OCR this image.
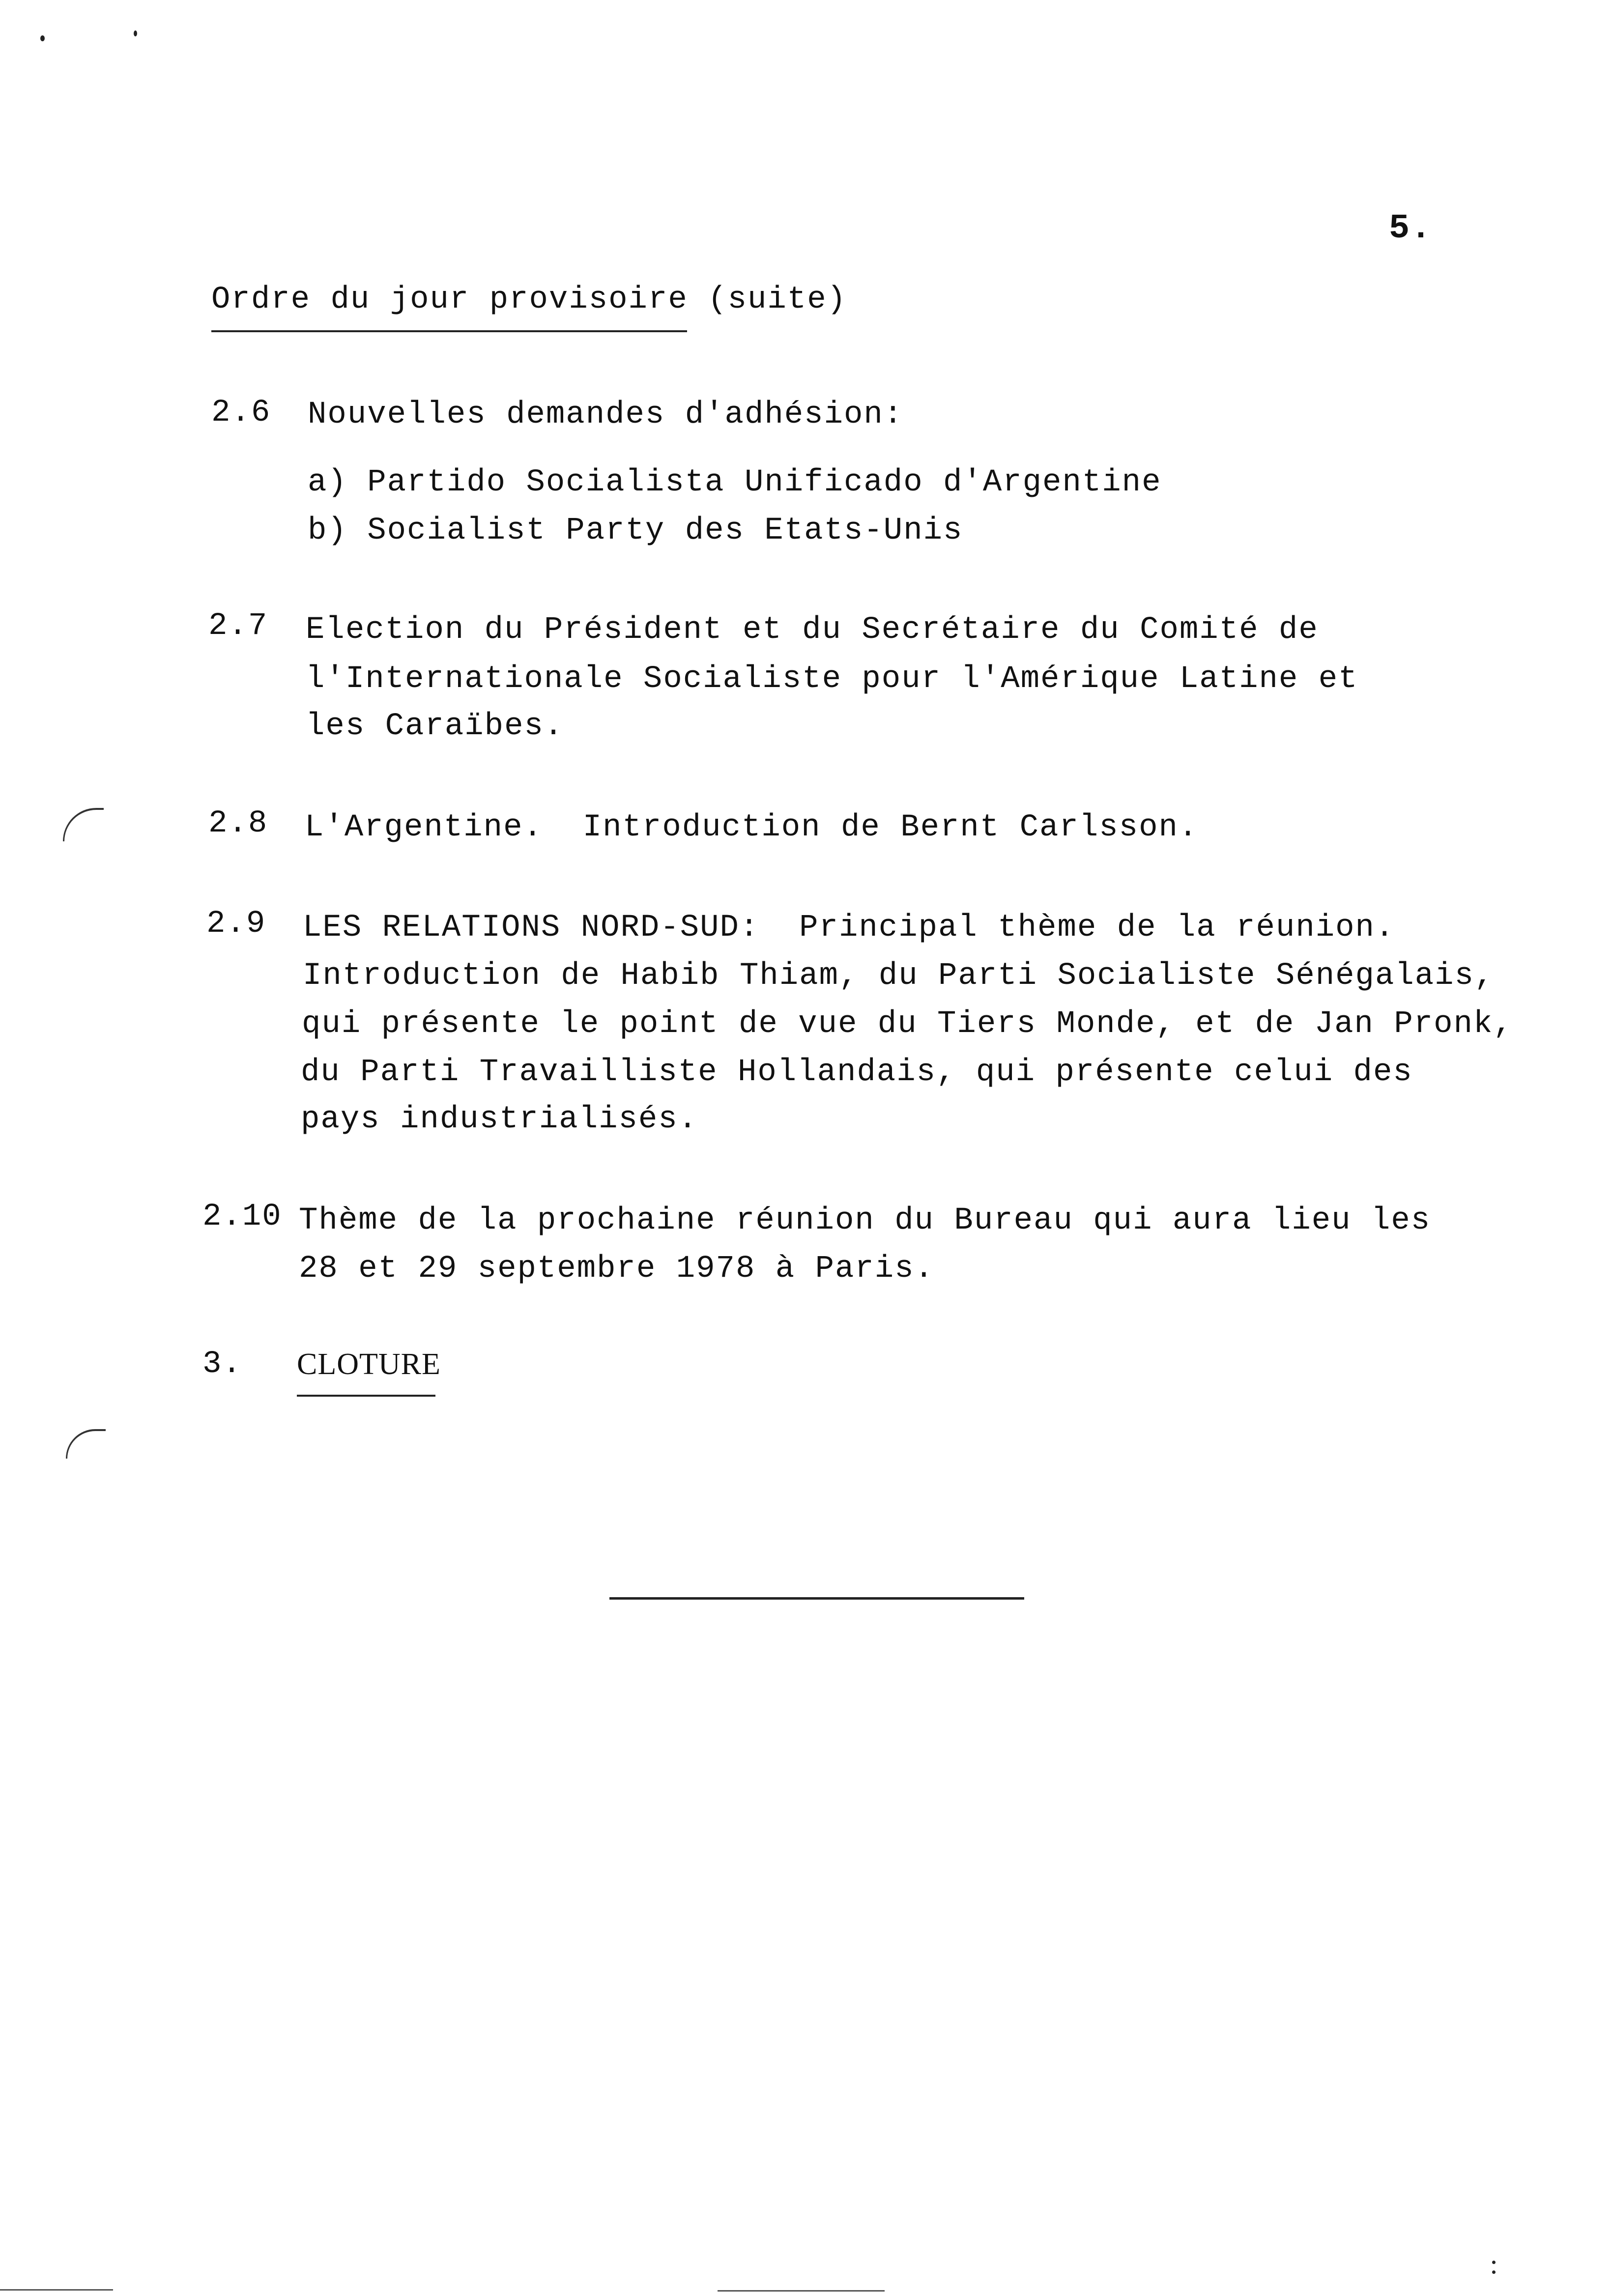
5.
Ordre du jour provisoire (suite)
2.6 Nouvelles demandes d'adhésion:
a) Partido Socialista Unificado d'Argentine
b) Socialist Party des Etats-Unis
2.7 Election du Président et du Secrétaire du Comité de
l'Internationale Socialiste pour l'Amérique Latine et
les Caraïbes.
2.8 L'Argentine.  Introduction de Bernt Carlsson.
2.9 LES RELATIONS NORD-SUD:  Principal thème de la réunion.
Introduction de Habib Thiam, du Parti Socialiste Sénégalais,
qui présente le point de vue du Tiers Monde, et de Jan Pronk,
du Parti Travailliste Hollandais, qui présente celui des
pays industrialisés.
2.10 Thème de la prochaine réunion du Bureau qui aura lieu les
28 et 29 septembre 1978 à Paris.
3. CLOTURE
